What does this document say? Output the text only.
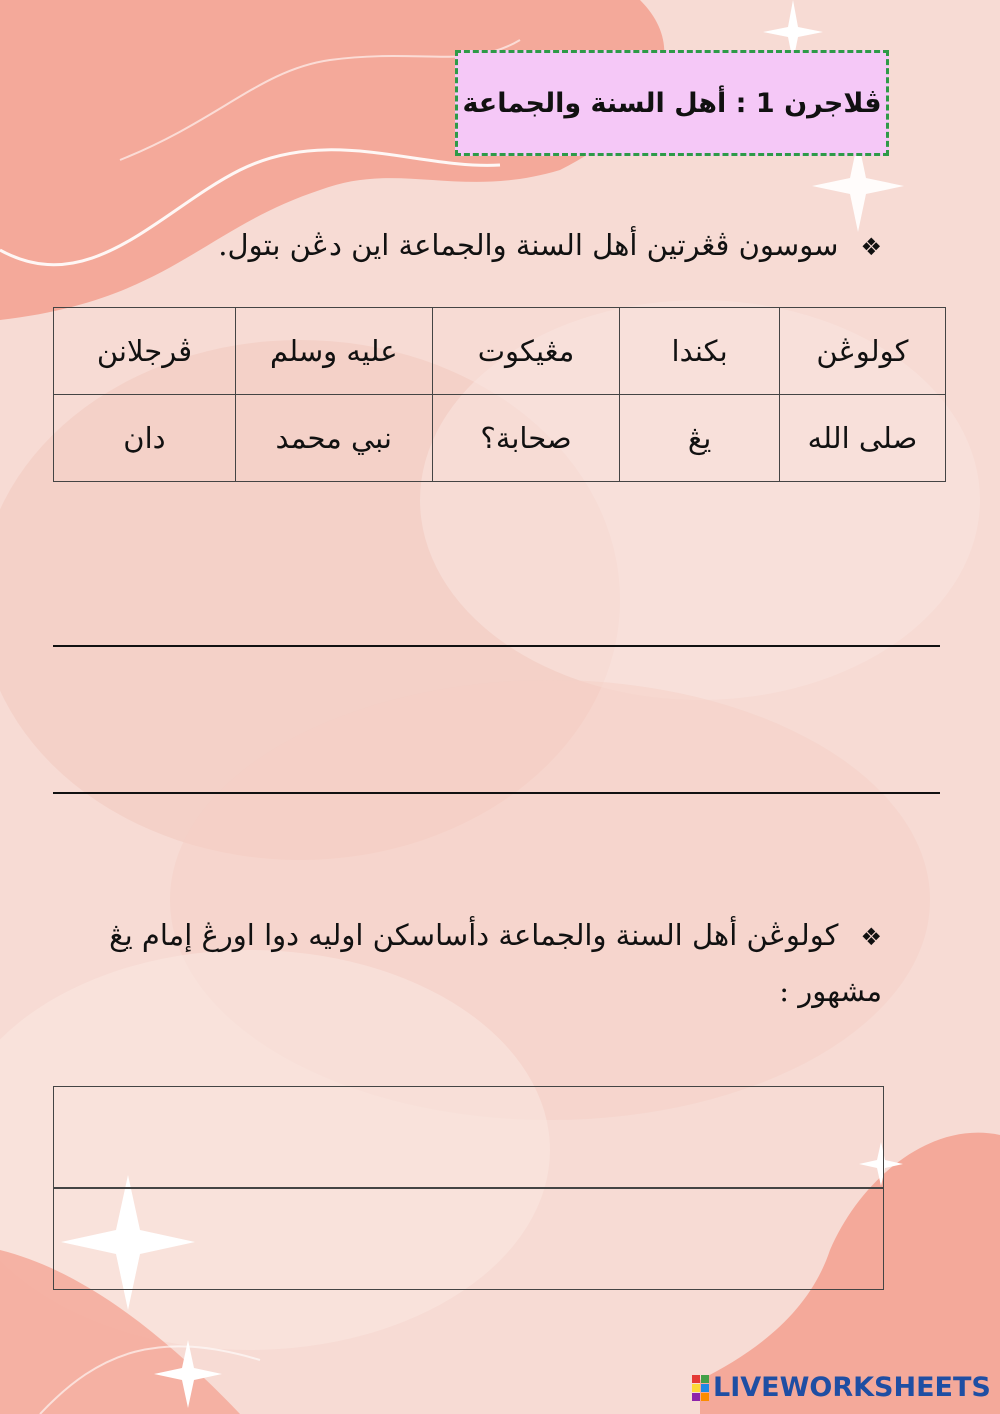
ڤلاجرن 1 : أهل السنة والجماعة
❖سوسون ڤڠرتين أهل السنة والجماعة اين دڠن بتول.
كولوڠن	بكندا	مڠيكوت	عليه وسلم	ڤرجلانن
صلى الله	يڠ	صحابة؟	نبي محمد	دان
❖كولوڠن أهل السنة والجماعة دأساسكن اوليه دوا اورڠ إمام يڠ
مشهور :
LIVEWORKSHEETS
